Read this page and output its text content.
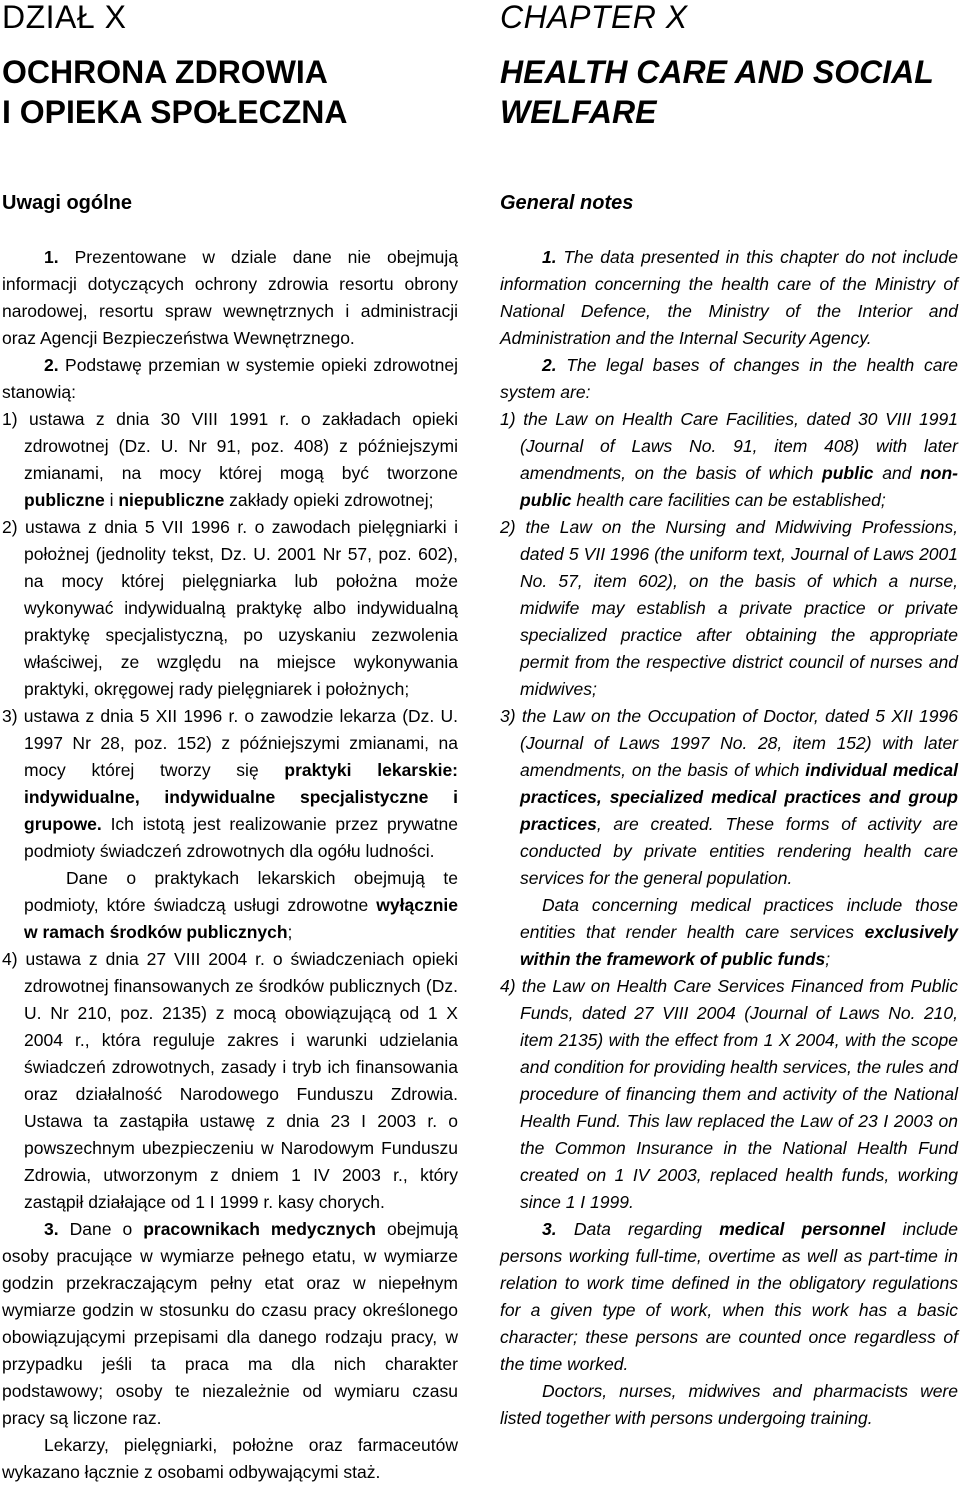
DZIAŁ X
OCHRONA ZDROWIA
I OPIEKA SPOŁECZNA
Uwagi ogólne

1. Prezentowane w dziale dane nie obejmują informacji dotyczących ochrony zdrowia resortu obrony narodowej, resortu spraw wewnętrznych i administracji oraz Agencji Bezpieczeństwa Wewnętrznego.

2. Podstawę przemian w systemie opieki zdrowotnej stanowią:

1) ustawa z dnia 30 VIII 1991 r. o zakładach opieki zdrowotnej (Dz. U. Nr 91, poz. 408) z późniejszymi zmianami, na mocy której mogą być tworzone publiczne i niepubliczne zakłady opieki zdrowotnej;

2) ustawa z dnia 5 VII 1996 r. o zawodach pielęgniarki i położnej (jednolity tekst, Dz. U. 2001 Nr 57, poz. 602), na mocy której pielęgniarka lub położna może wykonywać indywidualną praktykę albo indywidualną praktykę specjalistyczną, po uzyskaniu zezwolenia właściwej, ze względu na miejsce wykonywania praktyki, okręgowej rady pielęgniarek i położnych;

3) ustawa z dnia 5 XII 1996 r. o zawodzie lekarza (Dz. U. 1997 Nr 28, poz. 152) z późniejszymi zmianami, na mocy której tworzy się praktyki lekarskie: indywidualne, indywidualne specjalistyczne i grupowe. Ich istotą jest realizowanie przez prywatne podmioty świadczeń zdrowotnych dla ogółu ludności.

Dane o praktykach lekarskich obejmują te podmioty, które świadczą usługi zdrowotne wyłącznie w ramach środków publicznych;

4) ustawa z dnia 27 VIII 2004 r. o świadczeniach opieki zdrowotnej finansowanych ze środków publicznych (Dz. U. Nr 210, poz. 2135) z mocą obowiązującą od 1 X 2004 r., która reguluje zakres i warunki udzielania świadczeń zdrowotnych, zasady i tryb ich finansowania oraz działalność Narodowego Funduszu Zdrowia. Ustawa ta zastąpiła ustawę z dnia 23 I 2003 r. o powszechnym ubezpieczeniu w Narodowym Funduszu Zdrowia, utworzonym z dniem 1 IV 2003 r., który zastąpił działające od 1 I 1999 r. kasy chorych.

3. Dane o pracownikach medycznych obejmują osoby pracujące w wymiarze pełnego etatu, w wymiarze godzin przekraczającym pełny etat oraz w niepełnym wymiarze godzin w stosunku do czasu pracy określonego obowiązującymi przepisami dla danego rodzaju pracy, w przypadku jeśli ta praca ma dla nich charakter podstawowy; osoby te niezależnie od wymiaru czasu pracy są liczone raz.

Lekarzy, pielęgniarki, położne oraz farmaceutów wykazano łącznie z osobami odbywającymi staż.

CHAPTER X
HEALTH CARE AND SOCIAL
WELFARE
General notes

1. The data presented in this chapter do not include information concerning the health care of the Ministry of National Defence, the Ministry of the Interior and Administration and the Internal Security Agency.

2. The legal bases of changes in the health care system are:

1) the Law on Health Care Facilities, dated 30 VIII 1991 (Journal of Laws No. 91, item 408) with later amendments, on the basis of which public and non-public health care facilities can be established;

2) the Law on the Nursing and Midwiving Professions, dated 5 VII 1996 (the uniform text, Journal of Laws 2001 No. 57, item 602), on the basis of which a nurse, midwife may establish a private practice or private specialized practice after obtaining the appropriate permit from the respective district council of nurses and midwives;

3) the Law on the Occupation of Doctor, dated 5 XII 1996 (Journal of Laws 1997 No. 28, item 152) with later amendments, on the basis of which individual medical practices, specialized medical practices and group practices, are created. These forms of activity are conducted by private entities rendering health care services for the general population.

Data concerning medical practices include those entities that render health care services exclusively within the framework of public funds;

4) the Law on Health Care Services Financed from Public Funds, dated 27 VIII 2004 (Journal of Laws No. 210, item 2135) with the effect from 1 X 2004, with the scope and condition for providing health services, the rules and procedure of financing them and activity of the National Health Fund. This law replaced the Law of 23 I 2003 on the Common Insurance in the National Health Fund created on 1 IV 2003, replaced health funds, working since 1 I 1999.

3. Data regarding medical personnel include persons working full-time, overtime as well as part-time in relation to work time defined in the obligatory regulations for a given type of work, when this work has a basic character; these persons are counted once regardless of the time worked.

Doctors, nurses, midwives and pharmacists were listed together with persons undergoing training.
